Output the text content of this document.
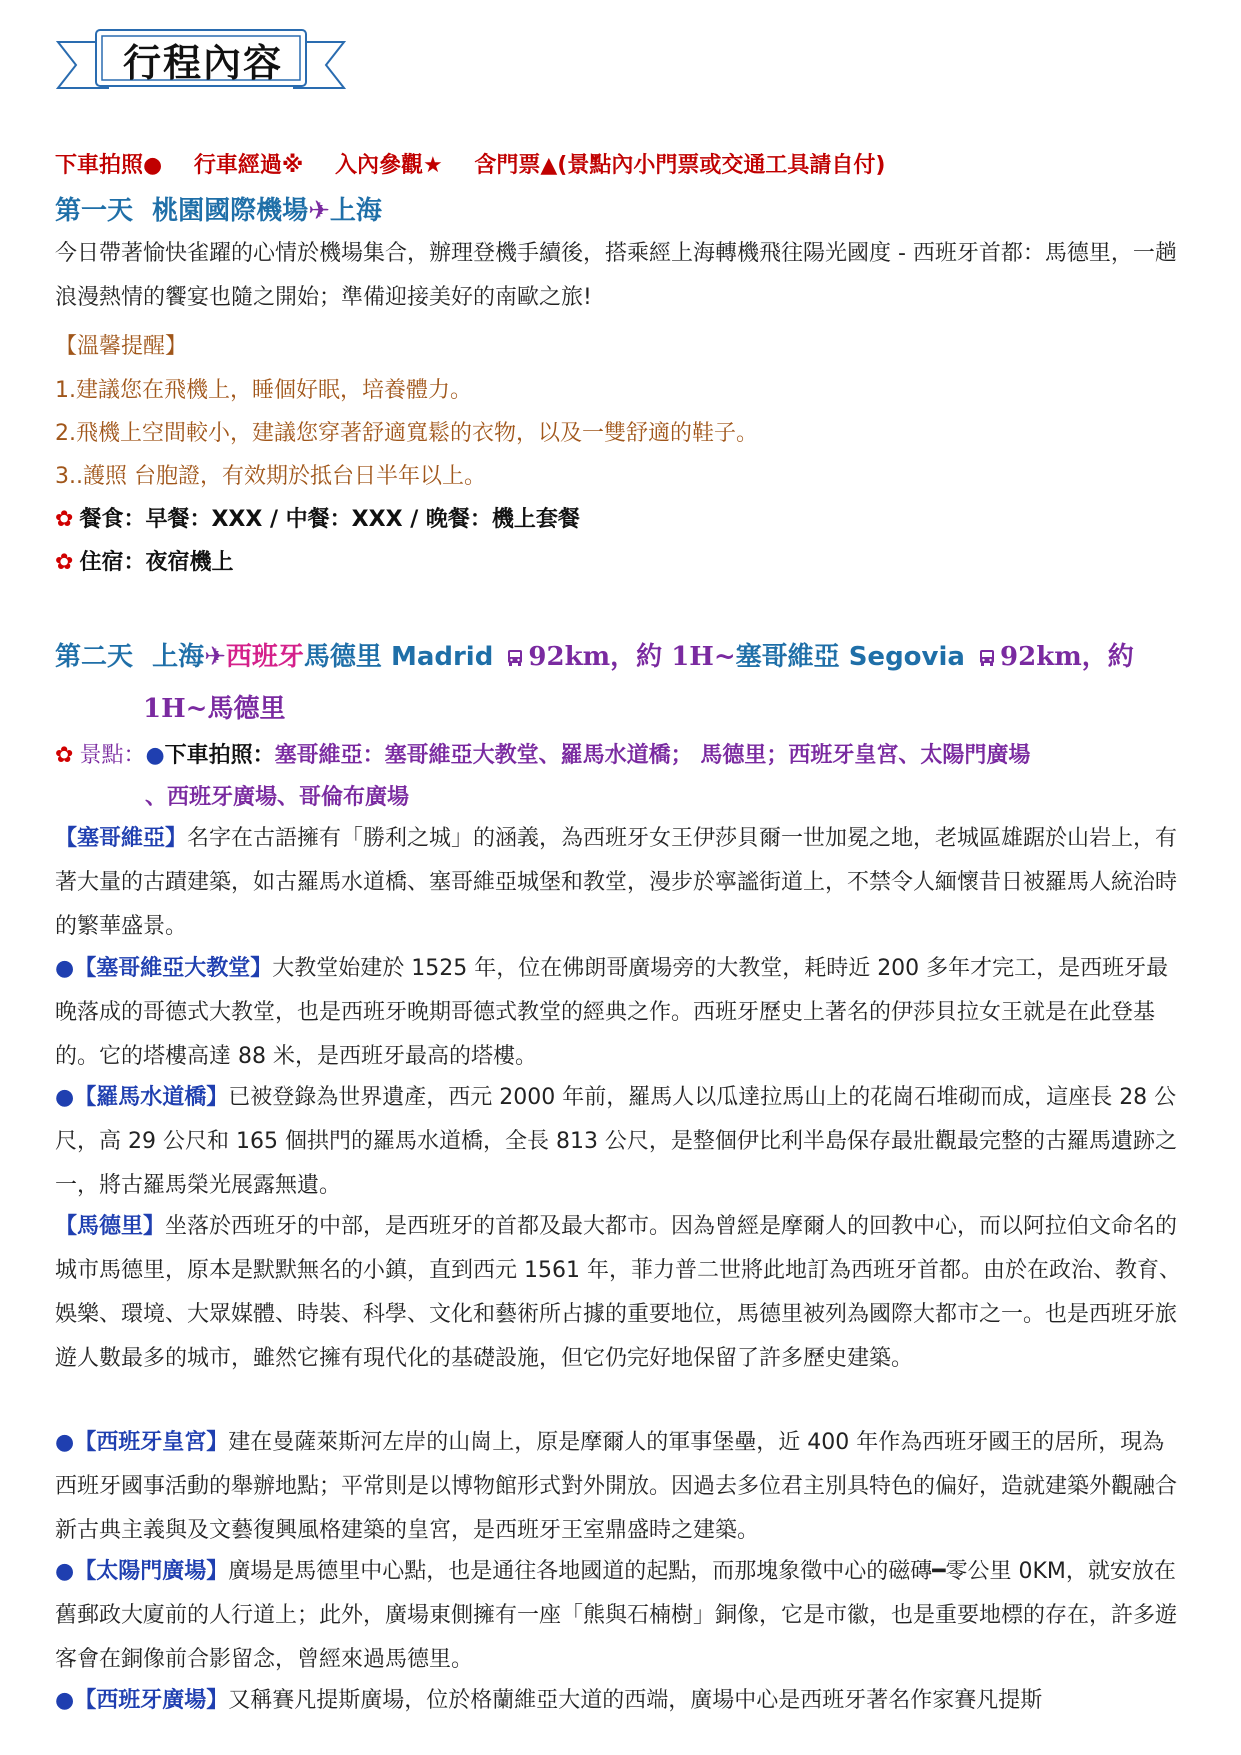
行程內容
下車拍照● 行車經過※ 入內參觀★ 含門票▲(景點內小門票或交通工具請自付)
第一天 桃園國際機場✈上海
今日帶著愉快雀躍的心情於機場集合，辦理登機手續後，搭乘經上海轉機飛往陽光國度 - 西班牙首都：馬德里，一趟浪漫熱情的饗宴也隨之開始；準備迎接美好的南歐之旅!
【溫馨提醒】
1.建議您在飛機上，睡個好眠，培養體力。
2.飛機上空間較小，建議您穿著舒適寬鬆的衣物，以及一雙舒適的鞋子。
3..護照 台胞證，有效期於抵台日半年以上。
✿ 餐食：早餐：XXX / 中餐：XXX / 晚餐：機上套餐
✿ 住宿：夜宿機上
第二天 上海✈西班牙馬德里 Madrid 92km，約 1H~塞哥維亞 Segovia 92km，約
1H~馬德里
✿ 景點：●下車拍照：塞哥維亞：塞哥維亞大教堂、羅馬水道橋； 馬德里；西班牙皇宮、太陽門廣場
、西班牙廣場、哥倫布廣場
【塞哥維亞】名字在古語擁有「勝利之城」的涵義，為西班牙女王伊莎貝爾一世加冕之地，老城區雄踞於山岩上，有著大量的古蹟建築，如古羅馬水道橋、塞哥維亞城堡和教堂，漫步於寧謐街道上，不禁令人緬懷昔日被羅馬人統治時的繁華盛景。
●【塞哥維亞大教堂】大教堂始建於 1525 年，位在佛朗哥廣場旁的大教堂，耗時近 200 多年才完工，是西班牙最晚落成的哥德式大教堂，也是西班牙晚期哥德式教堂的經典之作。西班牙歷史上著名的伊莎貝拉女王就是在此登基的。它的塔樓高達 88 米，是西班牙最高的塔樓。
●【羅馬水道橋】已被登錄為世界遺產，西元 2000 年前，羅馬人以瓜達拉馬山上的花崗石堆砌而成，這座長 28 公尺，高 29 公尺和 165 個拱門的羅馬水道橋，全長 813 公尺，是整個伊比利半島保存最壯觀最完整的古羅馬遺跡之一，將古羅馬榮光展露無遺。
【馬德里】坐落於西班牙的中部，是西班牙的首都及最大都市。因為曾經是摩爾人的回教中心，而以阿拉伯文命名的城市馬德里，原本是默默無名的小鎮，直到西元 1561 年，菲力普二世將此地訂為西班牙首都。由於在政治、教育、娛樂、環境、大眾媒體、時裝、科學、文化和藝術所占據的重要地位，馬德里被列為國際大都市之一。也是西班牙旅遊人數最多的城市，雖然它擁有現代化的基礎設施，但它仍完好地保留了許多歷史建築。
●【西班牙皇宮】建在曼薩萊斯河左岸的山崗上，原是摩爾人的軍事堡壘，近 400 年作為西班牙國王的居所，現為西班牙國事活動的舉辦地點；平常則是以博物館形式對外開放。因過去多位君主別具特色的偏好，造就建築外觀融合新古典主義與及文藝復興風格建築的皇宮，是西班牙王室鼎盛時之建築。
●【太陽門廣場】廣場是馬德里中心點，也是通往各地國道的起點，而那塊象徵中心的磁磚━零公里 0KM，就安放在舊郵政大廈前的人行道上；此外，廣場東側擁有一座「熊與石楠樹」銅像，它是市徽，也是重要地標的存在，許多遊客會在銅像前合影留念，曾經來過馬德里。
●【西班牙廣場】又稱賽凡提斯廣場，位於格蘭維亞大道的西端，廣場中心是西班牙著名作家賽凡提斯
